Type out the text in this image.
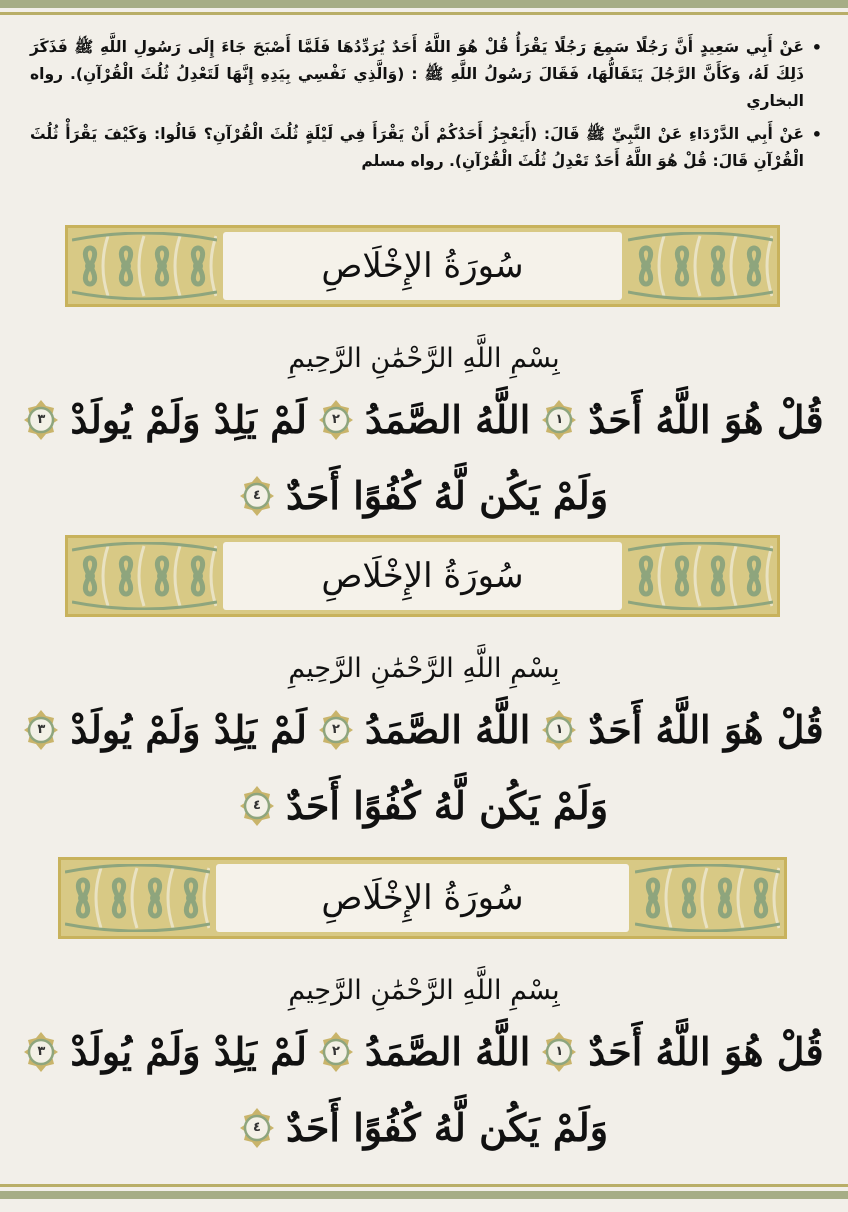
• عَنْ أَبِي سَعِيدٍ أَنَّ رَجُلًا سَمِعَ رَجُلًا يَقْرَأُ قُلْ هُوَ اللَّهُ أَحَدٌ يُرَدِّدُهَا فَلَمَّا أَصْبَحَ جَاءَ إِلَى رَسُولِ اللَّهِ ﷺ فَذَكَرَ ذَلِكَ لَهُ، وَكَأَنَّ الرَّجُلَ يَتَقَالُّهَا، فَقَالَ رَسُولُ اللَّهِ ﷺ : (وَالَّذِي نَفْسِي بِيَدِهِ إِنَّهَا لَتَعْدِلُ ثُلُثَ الْقُرْآنِ). رواه البخاري
• عَنْ أَبِي الدَّرْدَاءِ عَنْ النَّبِيِّ ﷺ قَالَ: (أَيَعْجِزُ أَحَدُكُمْ أَنْ يَقْرَأَ فِي لَيْلَةٍ ثُلُثَ الْقُرْآنِ؟ قَالُوا: وَكَيْفَ يَقْرَأْ ثُلُثَ الْقُرْآنِ قَالَ: قُلْ هُوَ اللَّهُ أَحَدٌ تَعْدِلُ ثُلُثَ الْقُرْآنِ). رواه مسلم
سُورَةُ الإِخْلَاصِ
بِسْمِ اللَّهِ الرَّحْمَٰنِ الرَّحِيمِ
قُلْ هُوَ اللَّهُ أَحَدٌ
١
اللَّهُ الصَّمَدُ
٢
لَمْ يَلِدْ وَلَمْ يُولَدْ
٣
وَلَمْ يَكُن لَّهُ كُفُوًا أَحَدٌ
٤
سُورَةُ الإِخْلَاصِ
بِسْمِ اللَّهِ الرَّحْمَٰنِ الرَّحِيمِ
قُلْ هُوَ اللَّهُ أَحَدٌ
١
اللَّهُ الصَّمَدُ
٢
لَمْ يَلِدْ وَلَمْ يُولَدْ
٣
وَلَمْ يَكُن لَّهُ كُفُوًا أَحَدٌ
٤
سُورَةُ الإِخْلَاصِ
بِسْمِ اللَّهِ الرَّحْمَٰنِ الرَّحِيمِ
قُلْ هُوَ اللَّهُ أَحَدٌ
١
اللَّهُ الصَّمَدُ
٢
لَمْ يَلِدْ وَلَمْ يُولَدْ
٣
وَلَمْ يَكُن لَّهُ كُفُوًا أَحَدٌ
٤
